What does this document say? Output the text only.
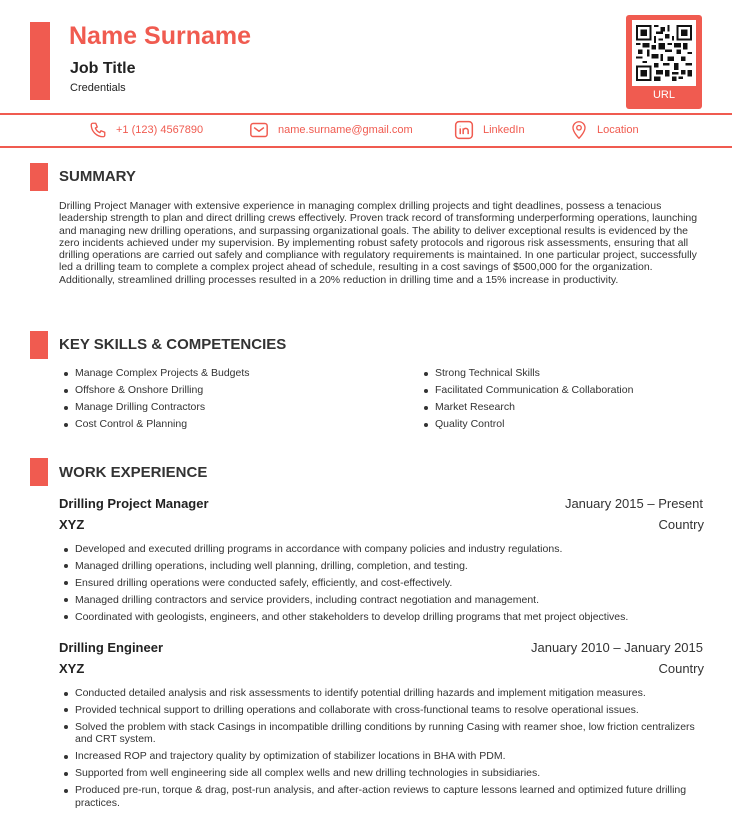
Name Surname
Job Title
Credentials
URL
+1 (123) 4567890	name.surname@gmail.com	LinkedIn	Location
SUMMARY

Drilling Project Manager with extensive experience in managing complex drilling projects and tight deadlines, possess a tenacious leadership strength to plan and direct drilling crews effectively. Proven track record of transforming underperforming operations, launching and managing new drilling operations, and surpassing organizational goals. The ability to deliver exceptional results is evidenced by the zero incidents achieved under my supervision. By implementing robust safety protocols and rigorous risk assessments, ensuring that all drilling operations are carried out safely and compliance with regulatory requirements is maintained. In one particular project, successfully led a drilling team to complete a complex project ahead of schedule, resulting in a cost savings of $500,000 for the organization. Additionally, streamlined drilling processes resulted in a 20% reduction in drilling time and a 15% increase in productivity.

KEY SKILLS & COMPETENCIES
Manage Complex Projects & Budgets
Offshore & Onshore Drilling
Manage Drilling Contractors
Cost Control & Planning
Strong Technical Skills
Facilitated Communication & Collaboration
Market Research
Quality Control
WORK EXPERIENCE
Drilling Project Manager	January 2015 – Present
XYZ	Country
Developed and executed drilling programs in accordance with company policies and industry regulations.
Managed drilling operations, including well planning, drilling, completion, and testing.
Ensured drilling operations were conducted safely, efficiently, and cost-effectively.
Managed drilling contractors and service providers, including contract negotiation and management.
Coordinated with geologists, engineers, and other stakeholders to develop drilling programs that met project objectives.
Drilling Engineer	January 2010 – January 2015
XYZ	Country
Conducted detailed analysis and risk assessments to identify potential drilling hazards and implement mitigation measures.
Provided technical support to drilling operations and collaborate with cross-functional teams to resolve operational issues.
Solved the problem with stack Casings in incompatible drilling conditions by running Casing with reamer shoe, low friction centralizers and CRT system.
Increased ROP and trajectory quality by optimization of stabilizer locations in BHA with PDM.
Supported from well engineering side all complex wells and new drilling technologies in subsidiaries.
Produced pre-run, torque & drag, post-run analysis, and after-action reviews to capture lessons learned and optimized future drilling practices.
